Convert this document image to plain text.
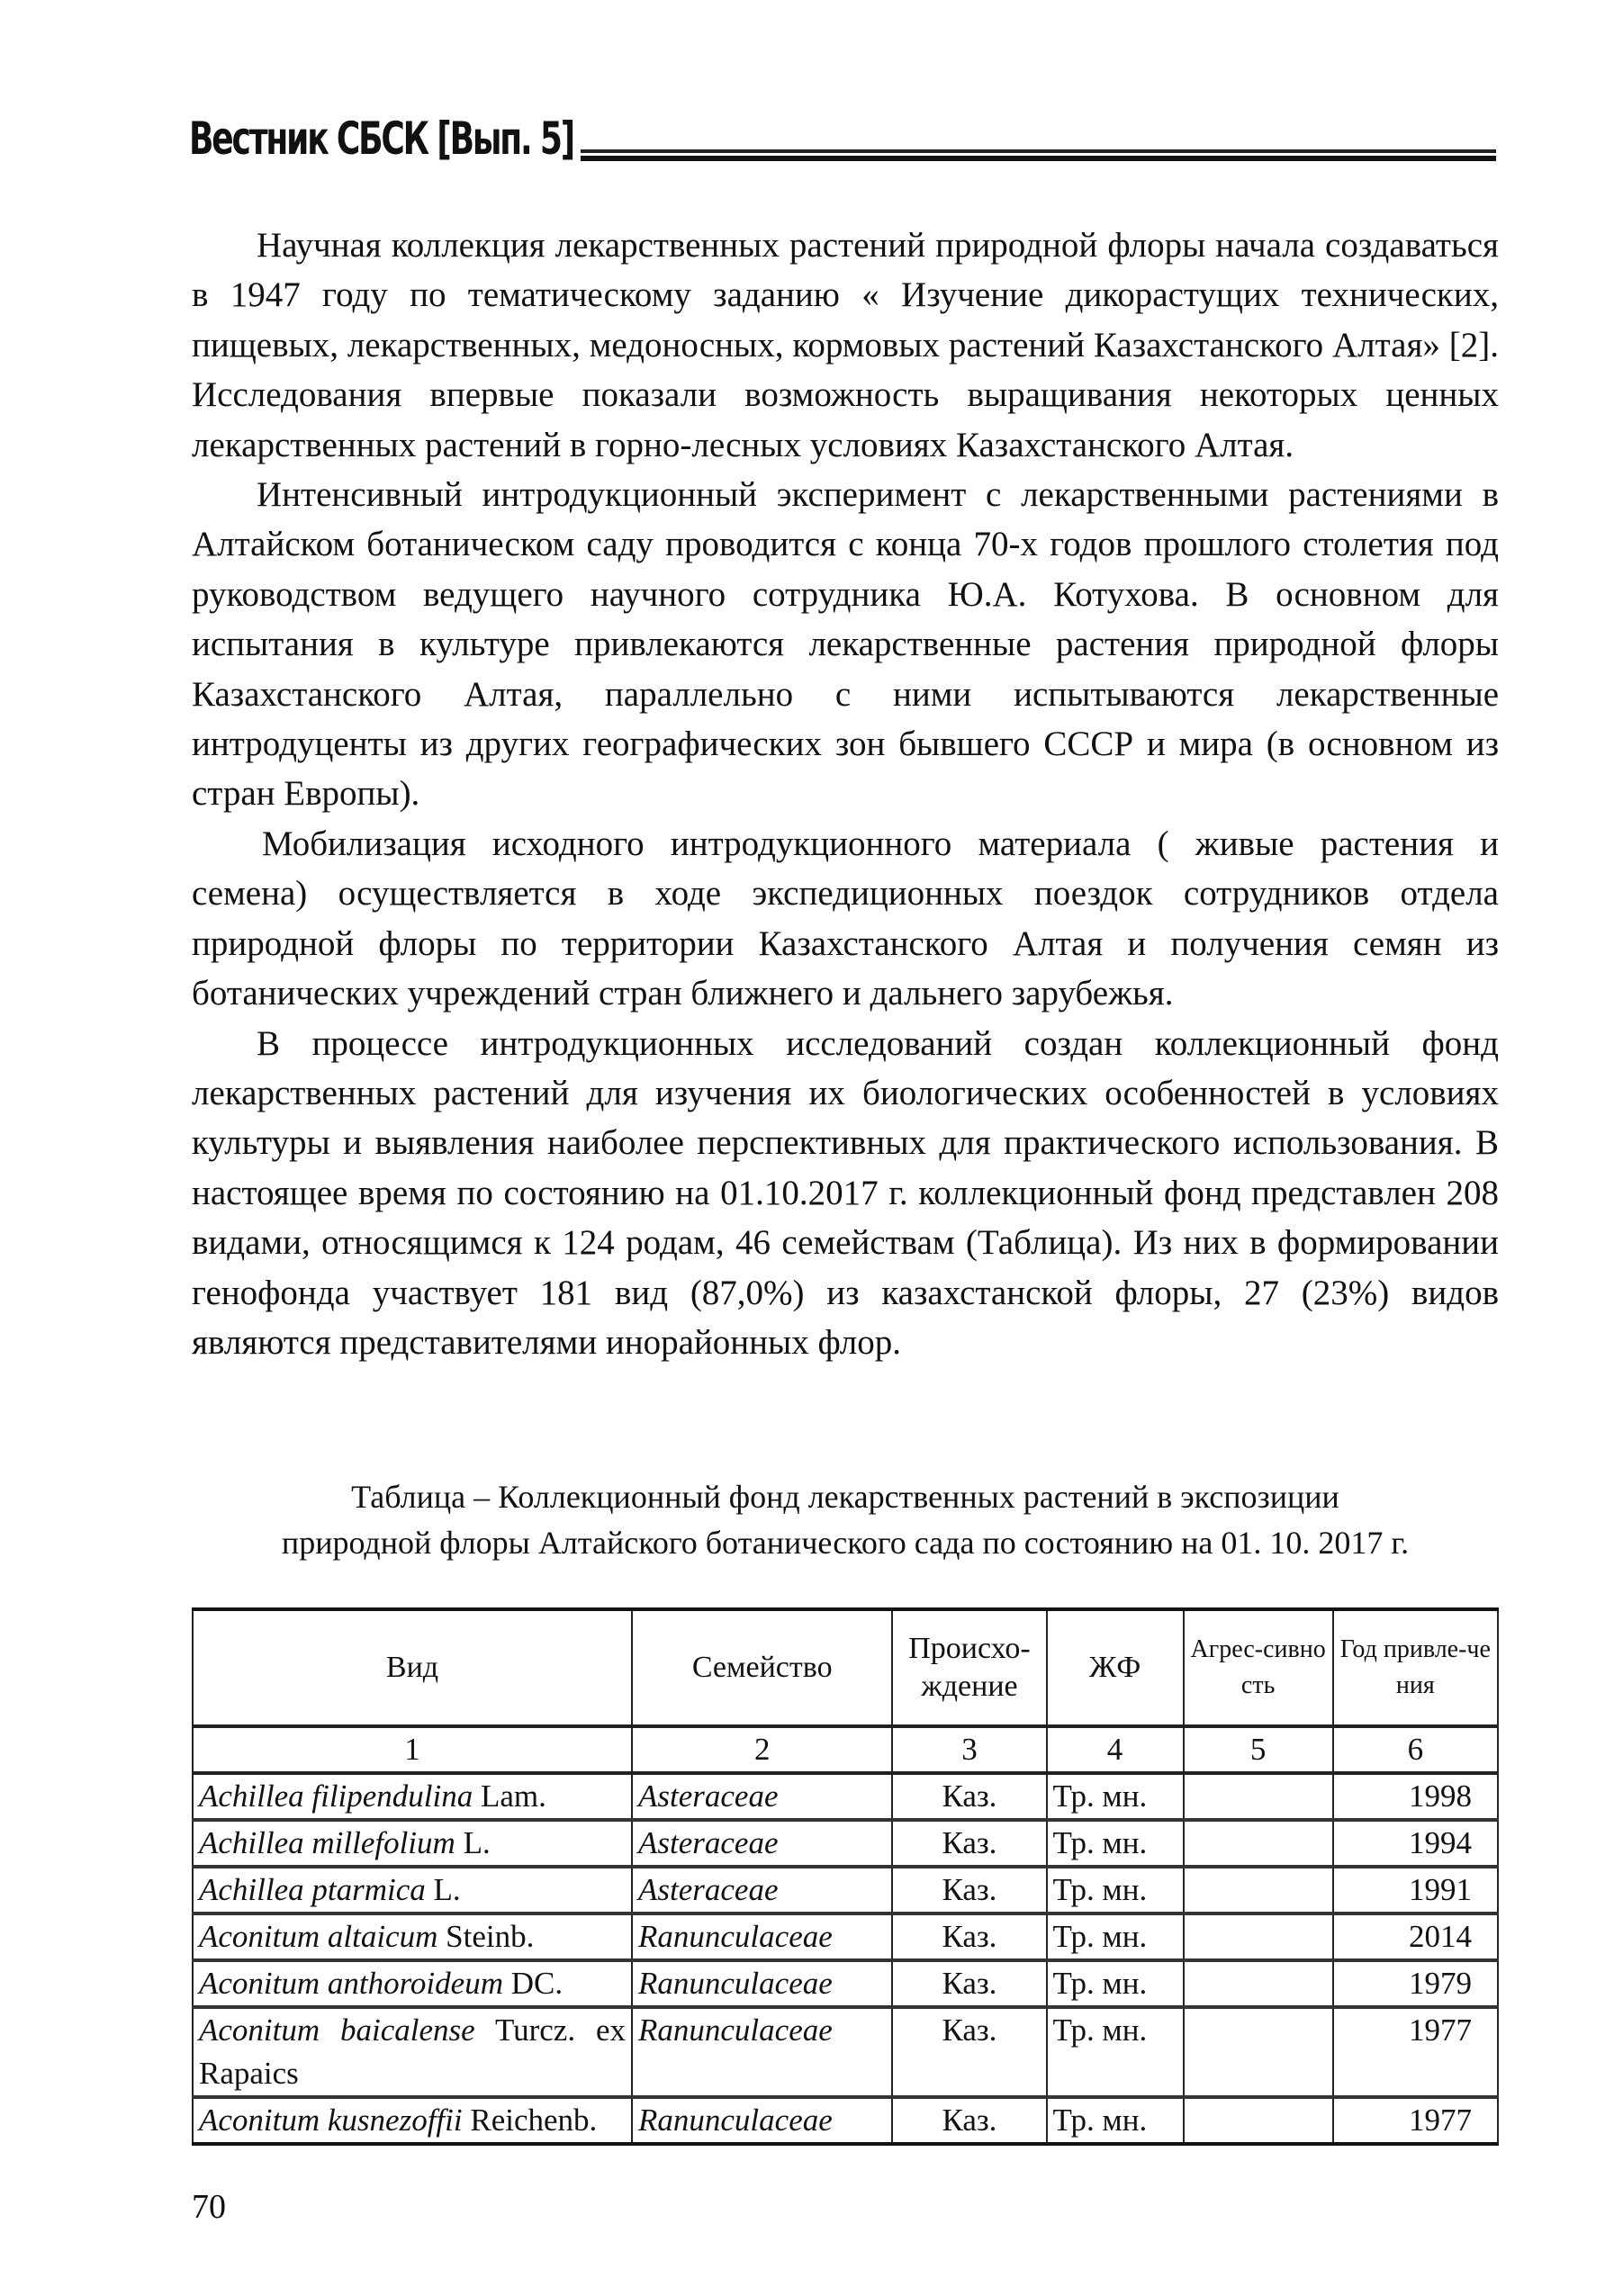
Вестник СБСК [Вып. 5]

Научная коллекция лекарственных растений природной флоры начала создаваться в 1947 году по тематическому заданию « Изучение дикорастущих технических, пищевых, лекарственных, медоносных, кормовых растений Казахстанского Алтая» [2]. Исследования впервые показали возможность выращивания некоторых ценных лекарственных растений в горно-лесных условиях Казахстанского Алтая.

Интенсивный интродукционный эксперимент с лекарственными растениями в Алтайском ботаническом саду проводится с конца 70-х годов прошлого столетия под руководством ведущего научного сотрудника Ю.А. Котухова. В основном для испытания в культуре привлекаются лекарственные растения природной флоры Казахстанского Алтая, параллельно с ними испытываются лекарственные интродуценты из других географических зон бывшего СССР и мира (в основном из стран Европы).

Мобилизация исходного интродукционного материала ( живые растения и семена) осуществляется в ходе экспедиционных поездок сотрудников отдела природной флоры по территории Казахстанского Алтая и получения семян из ботанических учреждений стран ближнего и дальнего зарубежья.

В процессе интродукционных исследований создан коллекционный фонд лекарственных растений для изучения их биологических особенностей в условиях культуры и выявления наиболее перспективных для практического использования. В настоящее время по состоянию на 01.10.2017 г. коллекционный фонд представлен 208 видами, относящимся к 124 родам, 46 семействам (Таблица). Из них в формировании генофонда участвует 181 вид (87,0%) из казахстанской флоры, 27 (23%) видов являются представителями инорайонных флор.

Таблица – Коллекционный фонд лекарственных растений в экспозиции
природной флоры Алтайского ботанического сада по состоянию на 01. 10. 2017 г.
Вид	Семейство	Происхо-ждение	ЖФ	Агрес-сивность	Год привле-чения
1	2	3	4	5	6
Achillea filipendulina Lam.	Asteraceae	Каз.	Тр. мн.		1998
Achillea millefolium L.	Asteraceae	Каз.	Тр. мн.		1994
Achillea ptarmica L.	Asteraceae	Каз.	Тр. мн.		1991
Aconitum altaicum Steinb.	Ranunculaceae	Каз.	Тр. мн.		2014
Aconitum anthoroideum DC.	Ranunculaceae	Каз.	Тр. мн.		1979
Aconitum baicalense Turcz. ex Rapaics	Ranunculaceae	Каз.	Тр. мн.		1977
Aconitum kusnezoffii Reichenb.	Ranunculaceae	Каз.	Тр. мн.		1977
70
